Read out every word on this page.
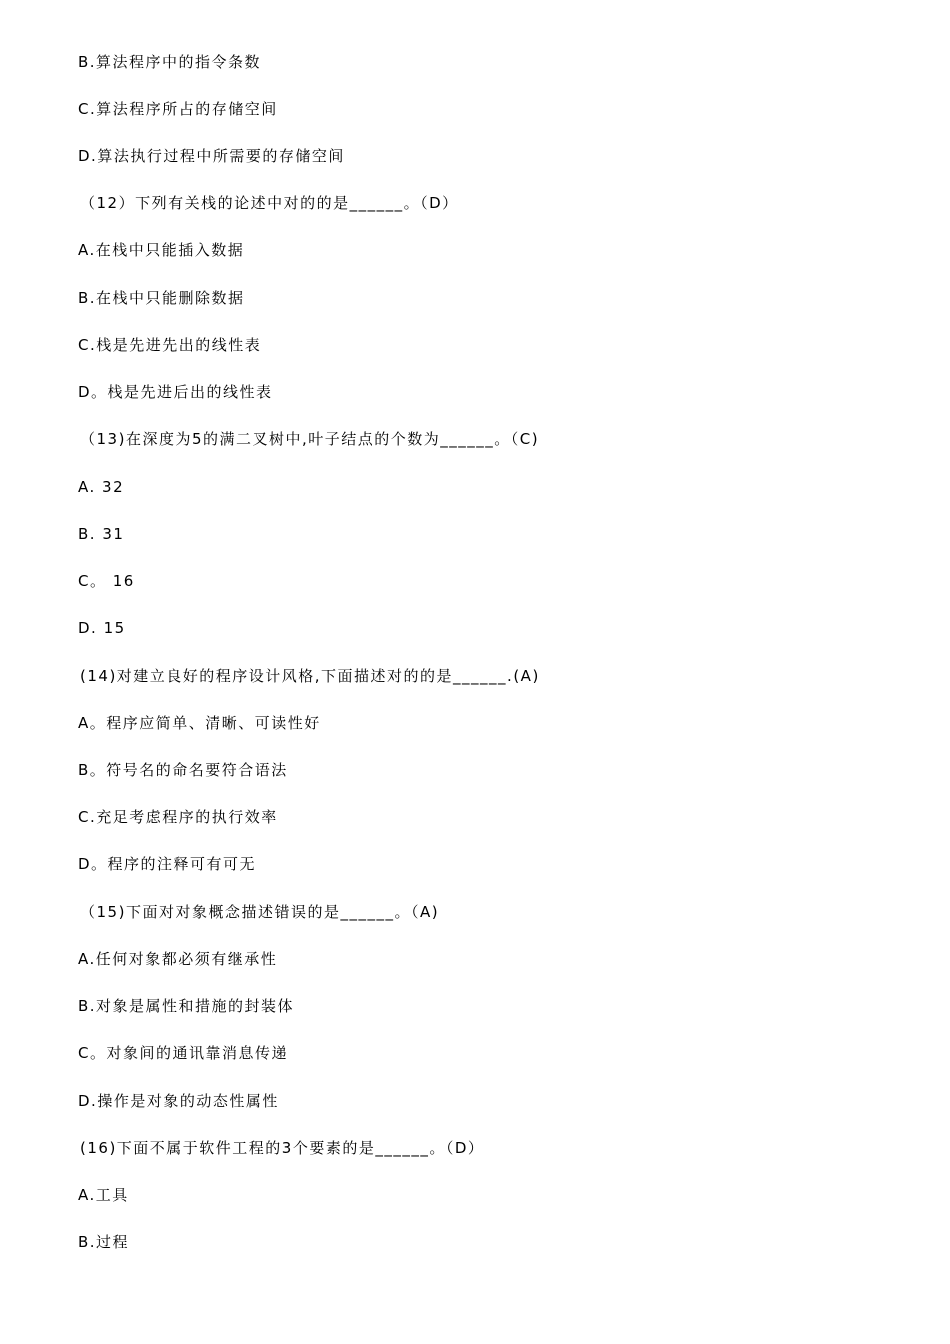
B.算法程序中的指令条数
C.算法程序所占的存储空间
D.算法执行过程中所需要的存储空间
（12）下列有关栈的论述中对的的是______。（D）
A.在栈中只能插入数据
B.在栈中只能删除数据
C.栈是先进先出的线性表
D。栈是先进后出的线性表
（13)在深度为5的满二叉树中,叶子结点的个数为______。（C)
A. 32
B. 31
C。 16
D. 15
(14)对建立良好的程序设计风格,下面描述对的的是______.(A)
A。程序应简单、清晰、可读性好
B。符号名的命名要符合语法
C.充足考虑程序的执行效率
D。程序的注释可有可无
（15)下面对对象概念描述错误的是______。（A)
A.任何对象都必须有继承性
B.对象是属性和措施的封装体
C。对象间的通讯靠消息传递
D.操作是对象的动态性属性
(16)下面不属于软件工程的3个要素的是______。（D）
A.工具
B.过程
